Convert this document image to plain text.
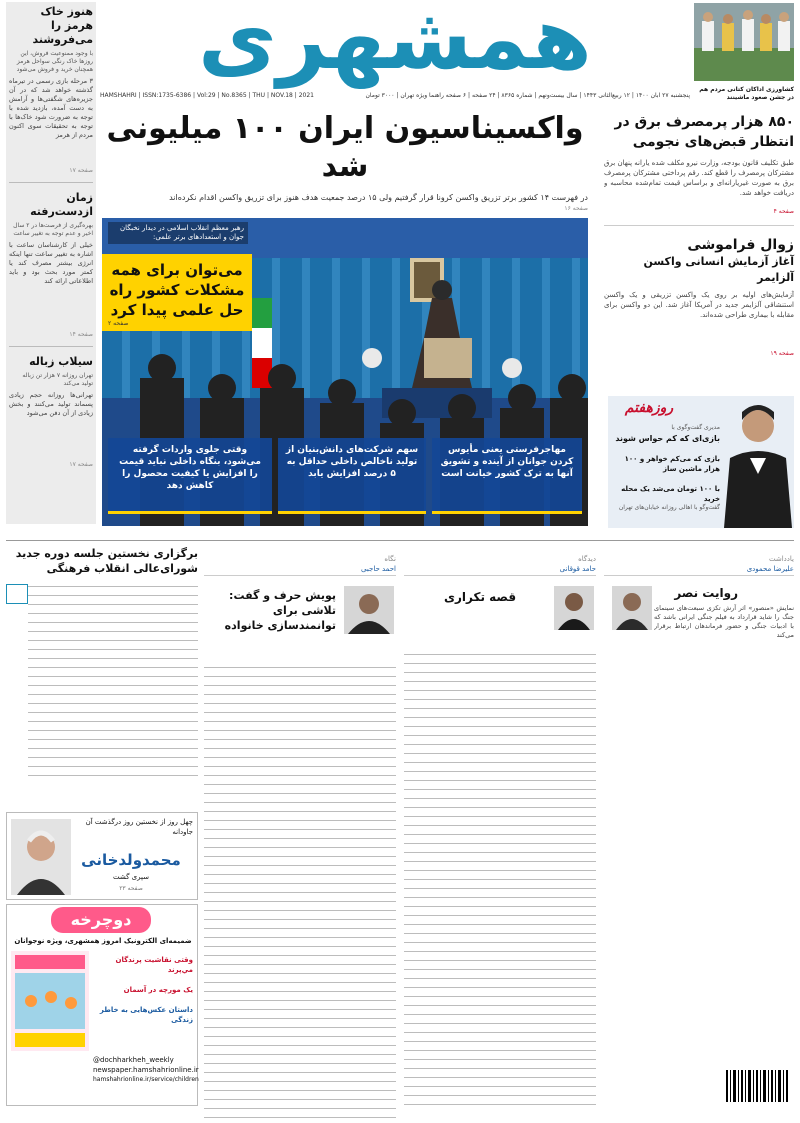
همشهری
پنجشنبه ۲۷ آبان ۱۴۰۰ | ۱۲ ربیع‌الثانی ۱۴۴۳ | سال بیست‌ونهم | شماره ۸۳۶۵ | ۲۴ صفحه | ۶ صفحه راهنما ویژه تهران | ۳۰۰۰ تومان
HAMSHAHRI | ISSN:1735-6386 | Vol:29 | No.8365 | THU | NOV.18 | 2021
کشاورزی اداکان کتانی مردم هم در جشن صعود ماشینند
هنوز خاک هرمز را می‌فروشند
با وجود ممنوعیت فروش، این روزها خاک رنگی سواحل هرمز همچنان خرید و فروش می‌شود
۳ مرحله بازی رسمی در تیرماه گذشته خواهد شد که در آن جزیره‌های شگفتی‌ها و آرامش به دست آمده، بازدید شده با توجه به ضرورت شود خاک‌ها با توجه به تحقیقات سوی اکنون مردم از هرمز
صفحه ۱۷
زمان ازدست‌رفته
بهره‌گیری از فرصت‌ها در ۲ سال اخیر و عدم توجه به تغییر ساعت
خیلی از کارشناسان ساعت با اشاره به تغییر ساعت تنها اینکه انرژی بیشتر مصرف کند یا کمتر مورد بحث بود و باید اطلاعاتی ارائه کند
صفحه ۱۴
سیلاب زباله
تهران روزانه ۷ هزار تن زباله تولید می‌کند
تهرانی‌ها روزانه حجم زیادی پسماند تولید می‌کنند و بخش زیادی از آن دفن می‌شود
صفحه ۱۷
واکسیناسیون ایران ۱۰۰ میلیونی شد
در فهرست ۱۴ کشور برتر تزریق واکسن کرونا قرار گرفتیم ولی ۱۵ درصد جمعیت هدف هنوز برای تزریق واکسن اقدام نکرده‌اند
صفحه ۱۶
رهبر معظم انقلاب اسلامی در دیدار نخبگان جوان و استعدادهای برتر علمی:
می‌توان برای همه مشکلات کشور راه حل علمی پیدا کرد
صفحه ۲
مهاجرفرستی یعنی مأیوس کردن جوانان از آینده و تشویق آنها به ترک کشور خیانت است
سهم شرکت‌های دانش‌بنیان از تولید ناخالص داخلی حداقل به ۵ درصد افزایش یابد
وقتی جلوی واردات گرفته می‌شود، بنگاه داخلی نباید قیمت را افزایش یا کیفیت محصول را کاهش دهد
۸۵۰ هزار پرمصرف برق در انتظار قبض‌های نجومی
طبق تکلیف قانون بودجه، وزارت نیرو مکلف شده یارانه پنهان برق مشترکان پرمصرف را قطع کند. رقم پرداختی مشترکان پرمصرف برق به صورت غیریارانه‌ای و براساس قیمت تمام‌شده محاسبه و دریافت خواهد شد.
صفحه ۴
زوال فراموشی
آغاز آزمایش انسانی واکسن آلزایمر
آزمایش‌های اولیه بر روی یک واکسن تزریقی و یک واکسن استنشاقی آلزایمر جدید در آمریکا آغاز شد. این دو واکسن برای مقابله با بیماری طراحی شده‌اند.
صفحه ۱۹
روزهفتم
مدیری گفت‌وگوی با
بازی‌ای که کم حواس شوند
بازی که می‌کم خواهر و ۱۰۰ هزار ماشین ساز
با ۱۰۰ تومان می‌شد یک محله خرید
گفت‌وگو با اهالی روزانه خیابان‌های تهران
یادداشت
علیرضا محمودی
روایت نصر
نمایش «منصور» اثر آرش تکزی سبعت‌های سینمای جنگ را شاید قرارداد به فیلم جنگی ایرانی باشد که با ادبیات جنگی و حضور فرماندهان ارتباط برقرار می‌کند
دیدگاه
حامد قوقانی
قصه تکراری
نگاه
احمد حاجبی
پویش حرف و گفت: تلاشی برای توانمندسازی خانواده
برگزاری نخستین جلسه دوره جدید شورای‌عالی انقلاب فرهنگی
چهل روز از نخستین روز درگذشت آن جاودانه
محمدولدخانی
سپری گشت
صفحه ۲۳
دوچرخه
ضمیمه‌ای الکترونیک امروز همشهری، ویژه نوجوانان
وقتی نقاشیت پرندگان مي‌پرند
یک مورچه در آسمان
داستان عکس‌هایی به خاطر زندگی
@dochharkheh_weekly
newspaper.hamshahrionline.ir
hamshahrionline.ir/service/children
